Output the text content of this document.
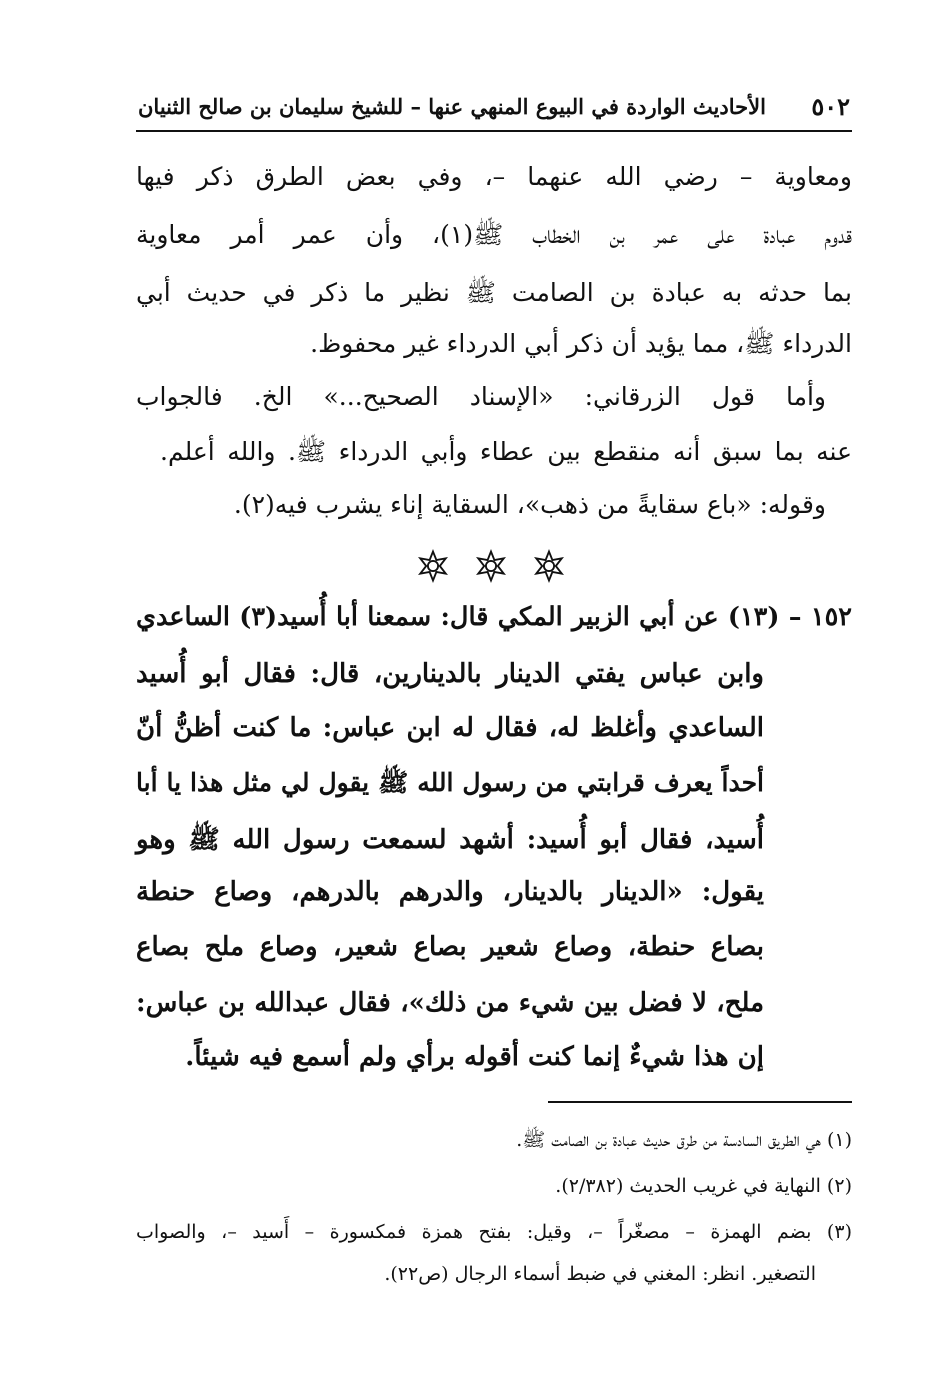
٥٠٢
الأحاديث الواردة في البيوع المنهي عنها – للشيخ سليمان بن صالح الثنيان
ومعاوية – رضي الله عنهما –، وفي بعض الطرق ذكر فيها
قدوم عبادة على عمر بن الخطاب ﷺ(١)، وأن عمر أمر معاوية
بما حدثه به عبادة بن الصامت ﷺ نظير ما ذكر في حديث أبي
الدرداء ﷺ، مما يؤيد أن ذكر أبي الدرداء غير محفوظ.
وأما قول الزرقاني: «الإسناد الصحيح...» الخ. فالجواب
عنه بما سبق أنه منقطع بين عطاء وأبي الدرداء ﷺ. والله أعلم.
وقوله: «باع سقايةً من ذهب»، السقاية إناء يشرب فيه(٢).
١٥٢ – (١٣) عن أبي الزبير المكي قال: سمعنا أبا أُسيد(٣) الساعدي
وابن عباس يفتي الدينار بالدينارين، قال: فقال أبو أُسيد
الساعدي وأغلظ له، فقال له ابن عباس: ما كنت أظنُّ أنّ
أحداً يعرف قرابتي من رسول الله ﷺ يقول لي مثل هذا يا أبا
أُسيد، فقال أبو أُسيد: أشهد لسمعت رسول الله ﷺ وهو
يقول: «الدينار بالدينار، والدرهم بالدرهم، وصاع حنطة
بصاع حنطة، وصاع شعير بصاع شعير، وصاع ملح بصاع
ملح، لا فضل بين شيء من ذلك»، فقال عبدالله بن عباس:
إن هذا شيءٌ إنما كنت أقوله برأي ولم أسمع فيه شيئاً.
(١) هي الطريق السادسة من طرق حديث عبادة بن الصامت ﷺ.
(٢) النهاية في غريب الحديث (٢/٣٨٢).
(٣) بضم الهمزة – مصغّراً –، وقيل: بفتح همزة فمكسورة – أَسيد –، والصواب
التصغير. انظر: المغني في ضبط أسماء الرجال (ص٢٢).
